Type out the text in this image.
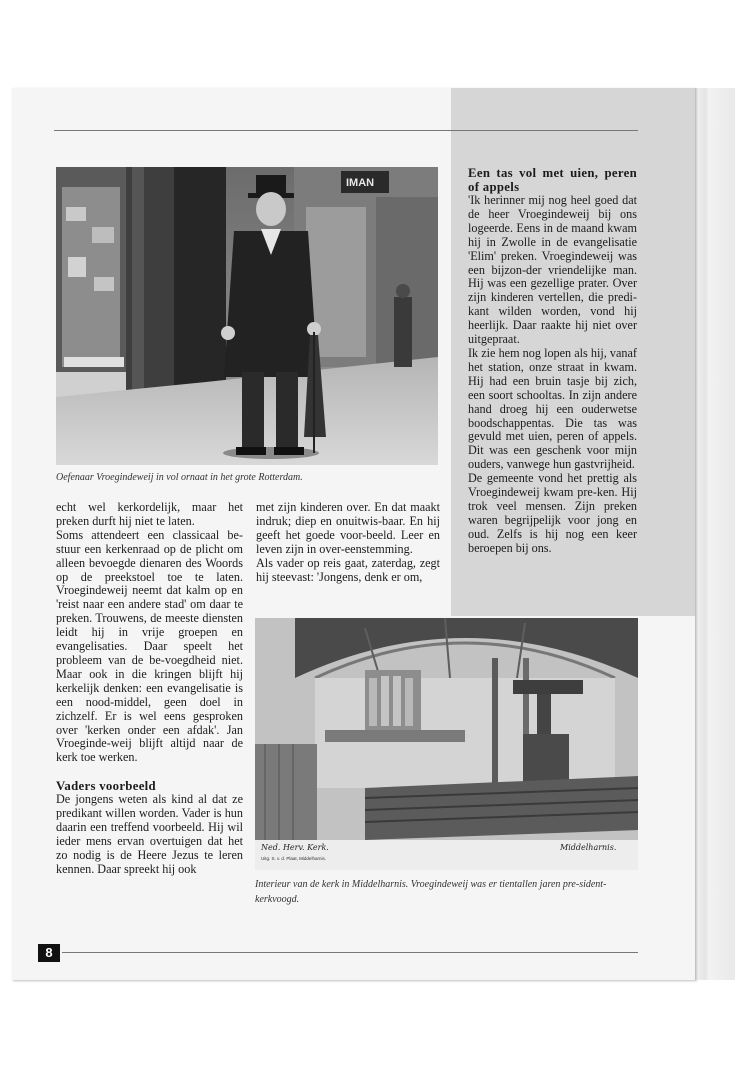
IMAN
Oefenaar Vroegindeweij in vol ornaat in het grote Rotterdam.

echt wel kerkordelijk, maar het preken durft hij niet te laten.

Soms attendeert een classicaal be-stuur een kerkenraad op de plicht om alleen bevoegde dienaren des Woords op de preekstoel toe te laten. Vroegindeweij neemt dat kalm op en 'reist naar een andere stad' om daar te preken. Trouwens, de meeste diensten leidt hij in vrije groepen en evangelisaties. Daar speelt het probleem van de be-voegdheid niet. Maar ook in die kringen blijft hij kerkelijk denken: een evangelisatie is een nood-middel, geen doel in zichzelf. Er is wel eens gesproken over 'kerken onder een afdak'. Jan Vroeginde-weij blijft altijd naar de kerk toe werken.

Vaders voorbeeld

De jongens weten als kind al dat ze predikant willen worden. Vader is hun daarin een treffend voorbeeld. Hij wil ieder mens ervan overtuigen dat het zo nodig is de Heere Jezus te leren kennen. Daar spreekt hij ook

met zijn kinderen over. En dat maakt indruk; diep en onuitwis-baar. En hij geeft het goede voor-beeld. Leer en leven zijn in over-eenstemming.

Als vader op reis gaat, zaterdag, zegt hij steevast: 'Jongens, denk er om,

Een tas vol met uien, peren of appels

'Ik herinner mij nog heel goed dat de heer Vroegindeweij bij ons logeerde. Eens in de maand kwam hij in Zwolle in de evangelisatie 'Elim' preken. Vroegindeweij was een bijzon-der vriendelijke man. Hij was een gezellige prater. Over zijn kinderen vertellen, die predi-kant wilden worden, vond hij heerlijk. Daar raakte hij niet over uitgepraat.

Ik zie hem nog lopen als hij, vanaf het station, onze straat in kwam. Hij had een bruin tasje bij zich, een soort schooltas. In zijn andere hand droeg hij een ouderwetse boodschappentas. Die tas was gevuld met uien, peren of appels. Dit was een geschenk voor mijn ouders, vanwege hun gastvrijheid.

De gemeente vond het prettig als Vroegindeweij kwam pre-ken. Hij trok veel mensen. Zijn preken waren begrijpelijk voor jong en oud. Zelfs is hij nog een keer beroepen bij ons.

Ned. Herv. Kerk.
Uitg. S. v. d. Plaat, Middelharnis.
Middelharnis.
Interieur van de kerk in Middelharnis. Vroegindeweij was er tientallen jaren pre-sident-kerkvoogd.
8
